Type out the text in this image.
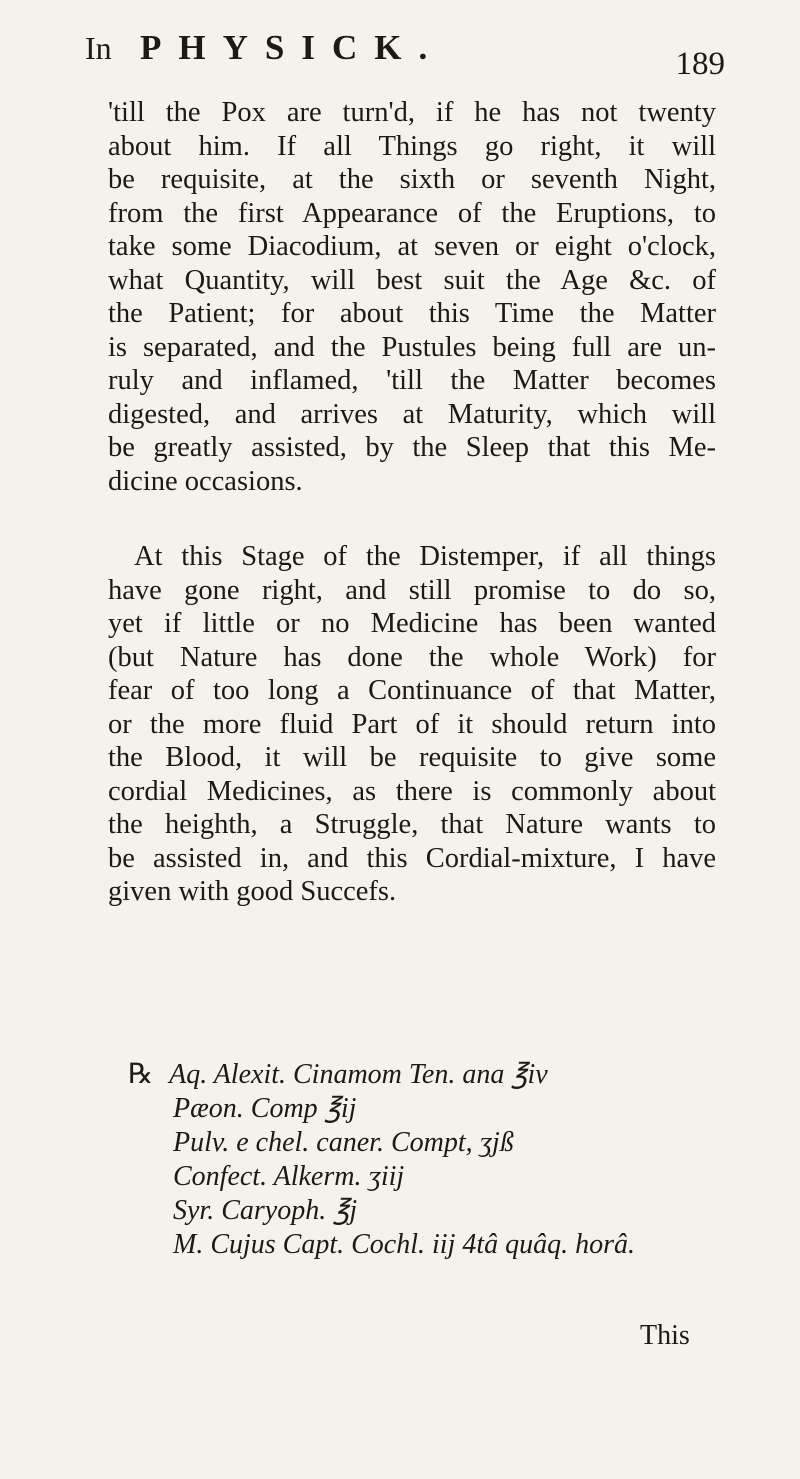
In PHYSICK.	189

'till the Pox are turn'd, if he has not twenty
about him. If all Things go right, it will
be requisite, at the sixth or seventh Night,
from the first Appearance of the Eruptions, to
take some Diacodium, at seven or eight o'clock,
what Quantity, will best suit the Age &c. of
the Patient; for about this Time the Matter
is separated, and the Pustules being full are un-
ruly and inflamed, 'till the Matter becomes
digested, and arrives at Maturity, which will
be greatly assisted, by the Sleep that this Me-
dicine occasions.

At this Stage of the Distemper, if all things
have gone right, and still promise to do so,
yet if little or no Medicine has been wanted
(but Nature has done the whole Work) for
fear of too long a Continuance of that Matter,
or the more fluid Part of it should return into
the Blood, it will be requisite to give some
cordial Medicines, as there is commonly about
the heighth, a Struggle, that Nature wants to
be assisted in, and this Cordial-mixture, I have
given with good Succefs.

℞ Aq. Alexit. Cinamom Ten. ana ℥iv
Pæon. Comp ℥ij
Pulv. e chel. caner. Compt, ʒjß
Confect. Alkerm. ʒiij
Syr. Caryoph. ℥j
M. Cujus Capt. Cochl. iij 4tâ quâq. horâ.
This
